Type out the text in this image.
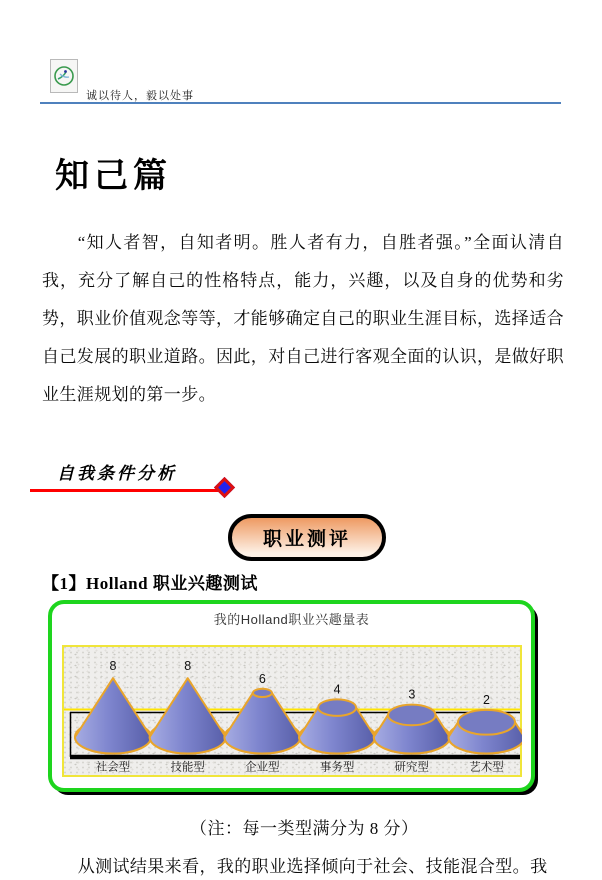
诚以待人，毅以处事
知己篇
“知人者智，自知者明。胜人者有力，自胜者强。”全面认清自我，充分了解自己的性格特点，能力，兴趣，以及自身的优势和劣势，职业价值观念等等，才能够确定自己的职业生涯目标，选择适合自己发展的职业道路。因此，对自己进行客观全面的认识，是做好职业生涯规划的第一步。
自我条件分析
职业测评
【1】Holland 职业兴趣测试
我的Holland职业兴趣量表
8	8
6
4	3	2
社会型	技能型	企业型	事务型	研究型	艺术型
（注：每一类型满分为 8 分）
从测试结果来看，我的职业选择倾向于社会、技能混合型。我
